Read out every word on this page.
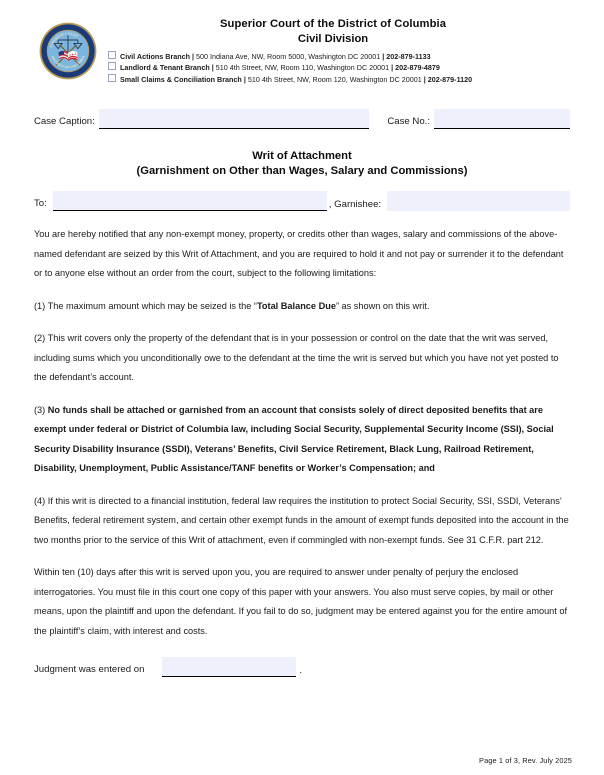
SUPERIOR COURT
DISTRICT OF COLUMBIA
Superior Court of the District of Columbia
Civil Division
Civil Actions Branch | 500 Indiana Ave, NW, Room 5000, Washington DC 20001 | 202-879-1133
Landlord & Tenant Branch | 510 4th Street, NW, Room 110, Washington DC 20001 | 202-879-4879
Small Claims & Conciliation Branch | 510 4th Street, NW, Room 120, Washington DC 20001 | 202-879-1120
Case Caption:	Case No.:
Writ of Attachment
(Garnishment on Other than Wages, Salary and Commissions)
To:	, Garnishee:

You are hereby notified that any non-exempt money, property, or credits other than wages, salary and commissions of the above-named defendant are seized by this Writ of Attachment, and you are required to hold it and not pay or surrender it to the defendant or to anyone else without an order from the court, subject to the following limitations:

(1) The maximum amount which may be seized is the “Total Balance Due” as shown on this writ.

(2) This writ covers only the property of the defendant that is in your possession or control on the date that the writ was served, including sums which you unconditionally owe to the defendant at the time the writ is served but which you have not yet posted to the defendant’s account.

(3) No funds shall be attached or garnished from an account that consists solely of direct deposited benefits that are exempt under federal or District of Columbia law, including Social Security, Supplemental Security Income (SSI), Social Security Disability Insurance (SSDI), Veterans’ Benefits, Civil Service Retirement, Black Lung, Railroad Retirement, Disability, Unemployment, Public Assistance/TANF benefits or Worker’s Compensation; and

(4) If this writ is directed to a financial institution, federal law requires the institution to protect Social Security, SSI, SSDI, Veterans’ Benefits, federal retirement system, and certain other exempt funds in the amount of exempt funds deposited into the account in the two months prior to the service of this Writ of attachment, even if commingled with non-exempt funds. See 31 C.F.R. part 212.

Within ten (10) days after this writ is served upon you, you are required to answer under penalty of perjury the enclosed interrogatories. You must file in this court one copy of this paper with your answers. You also must serve copies, by mail or other means, upon the plaintiff and upon the defendant. If you fail to do so, judgment may be entered against you for the entire amount of the plaintiff’s claim, with interest and costs.

Judgment was entered on	.
Page 1 of 3, Rev. July 2025
